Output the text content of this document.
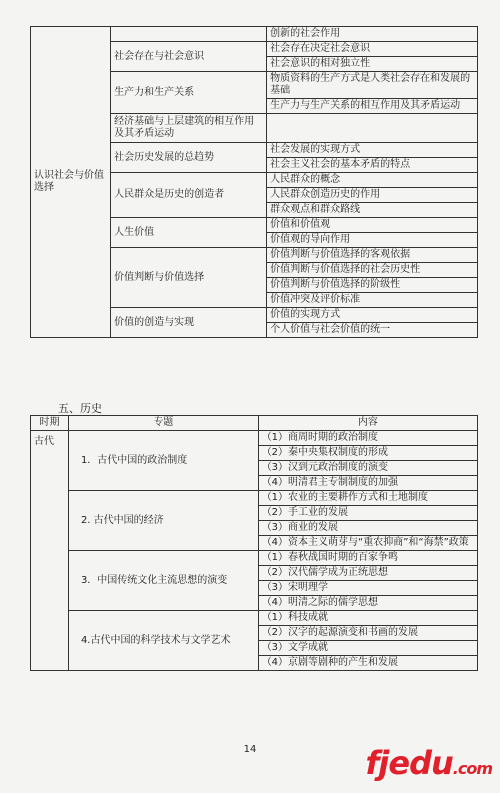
认识社会与价值选择		创新的社会作用
	社会存在与社会意识	社会存在决定社会意识
		社会意识的相对独立性
	生产力和生产关系	物质资料的生产方式是人类社会存在和发展的基础
		生产力与生产关系的相互作用及其矛盾运动
	经济基础与上层建筑的相互作用及其矛盾运动	
	社会历史发展的总趋势	社会发展的实现方式
		社会主义社会的基本矛盾的特点
	人民群众是历史的创造者	人民群众的概念
		人民群众创造历史的作用
		群众观点和群众路线
	人生价值	价值和价值观
		价值观的导向作用
	价值判断与价值选择	价值判断与价值选择的客观依据
		价值判断与价值选择的社会历史性
		价值判断与价值选择的阶级性
		价值冲突及评价标准
	价值的创造与实现	价值的实现方式
		个人价值与社会价值的统一
五、历史
时期	专题	内容
古代	1．古代中国的政治制度	（1）商周时期的政治制度
		（2）秦中央集权制度的形成
		（3）汉到元政治制度的演变
		（4）明清君主专制制度的加强
	2. 古代中国的经济	（1）农业的主要耕作方式和土地制度
		（2）手工业的发展
		（3）商业的发展
		（4）资本主义萌芽与“重农抑商”和“海禁”政策
	3．中国传统文化主流思想的演变	（1）春秋战国时期的百家争鸣
		（2）汉代儒学成为正统思想
		（3）宋明理学
		（4）明清之际的儒学思想
	4.古代中国的科学技术与文学艺术	（1）科技成就
		（2）汉字的起源演变和书画的发展
		（3）文学成就
		（4）京剧等剧种的产生和发展
14	fjedu.com
